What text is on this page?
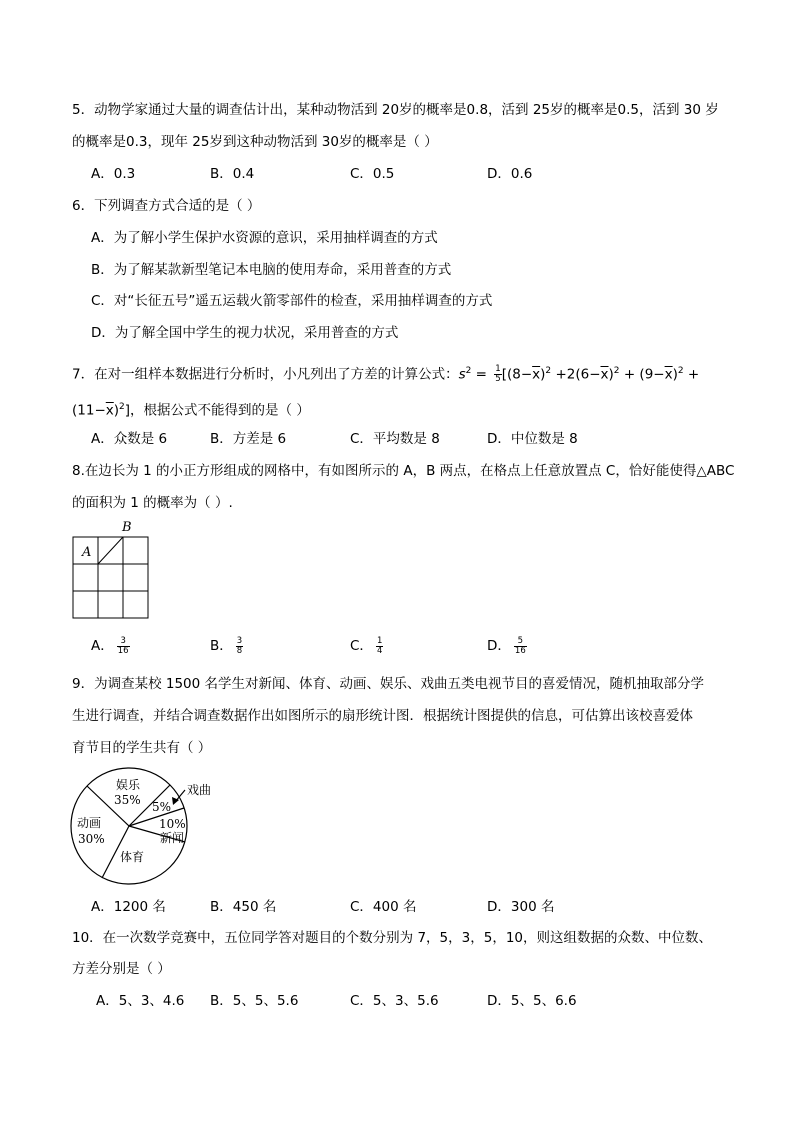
5．动物学家通过大量的调查估计出，某种动物活到 20岁的概率是0.8，活到 25岁的概率是0.5，活到 30 岁
的概率是0.3，现年 25岁到这种动物活到 30岁的概率是（ ）
A．0.3	B．0.4	C．0.5	D．0.6
6．下列调查方式合适的是（ ）
A．为了解小学生保护水资源的意识，采用抽样调查的方式
B．为了解某款新型笔记本电脑的使用寿命，采用普查的方式
C．对“长征五号”遥五运载火箭零部件的检查，采用抽样调查的方式
D．为了解全国中学生的视力状况，采用普查的方式
7．在对一组样本数据进行分析时，小凡列出了方差的计算公式：$s^2 = \frac{1}{5} [(8-\overline{x})^2 +2(6-\overline{x})^2 + (9-\overline{x})^2$ +
$(11-\overline{x})^2$]，根据公式不能得到的是（ ）
A．众数是 6	B．方差是 6	C．平均数是 8	D．中位数是 8
8.在边长为 1 的小正方形组成的网格中，有如图所示的 A，B 两点，在格点上任意放置点 C，恰好能使得△ABC
的面积为 1 的概率为（ ）.
A
B
A． $\frac{3}{16}$	B． $\frac{3}{8}$	C． $\frac{1}{4}$	D． $\frac{5}{16}$
9．为调查某校 1500 名学生对新闻、体育、动画、娱乐、戏曲五类电视节目的喜爱情况，随机抽取部分学
生进行调查，并结合调查数据作出如图所示的扇形统计图．根据统计图提供的信息，可估算出该校喜爱体
育节目的学生共有（ ）
娱乐
35%
动画
30%
体育
5%
10%
新闻
戏曲
A．1200 名	B．450 名	C．400 名	D．300 名
10．在一次数学竞赛中，五位同学答对题目的个数分别为 7，5，3，5，10，则这组数据的众数、中位数、
方差分别是（ ）
A．5、3、4.6 B．5、5、5.6	C．5、3、5.6	D．5、5、6.6
